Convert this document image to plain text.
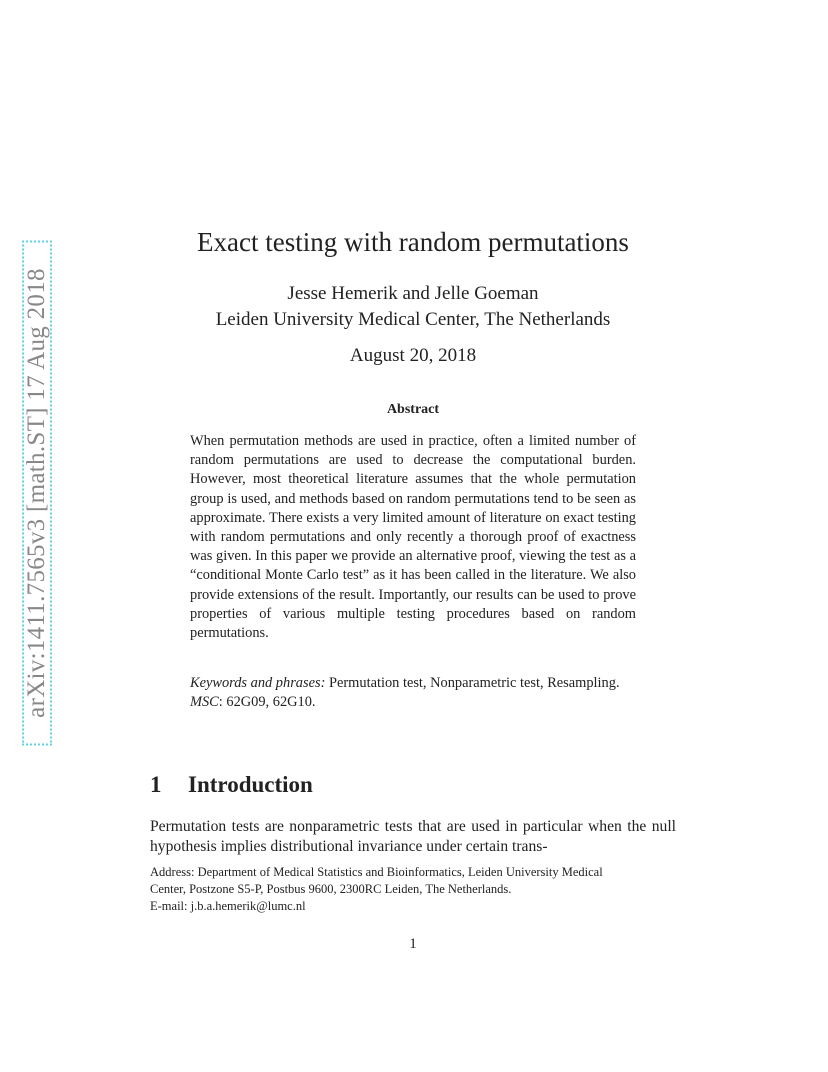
arXiv:1411.7565v3 [math.ST] 17 Aug 2018
Exact testing with random permutations
Jesse Hemerik and Jelle Goeman
Leiden University Medical Center, The Netherlands
August 20, 2018
Abstract
When permutation methods are used in practice, often a limited number of random permutations are used to decrease the computational burden. However, most theoretical literature assumes that the whole permutation group is used, and methods based on random permutations tend to be seen as approximate. There exists a very limited amount of literature on exact testing with random permutations and only recently a thorough proof of exactness was given. In this paper we provide an alternative proof, viewing the test as a “conditional Monte Carlo test” as it has been called in the literature. We also provide extensions of the result. Importantly, our results can be used to prove properties of various multiple testing procedures based on random permutations.
Keywords and phrases: Permutation test, Nonparametric test, Resampling.
MSC: 62G09, 62G10.
1 Introduction
Permutation tests are nonparametric tests that are used in particular when the null hypothesis implies distributional invariance under certain trans-
Address: Department of Medical Statistics and Bioinformatics, Leiden University Medical
Center, Postzone S5-P, Postbus 9600, 2300RC Leiden, The Netherlands.
E-mail: j.b.a.hemerik@lumc.nl
1
